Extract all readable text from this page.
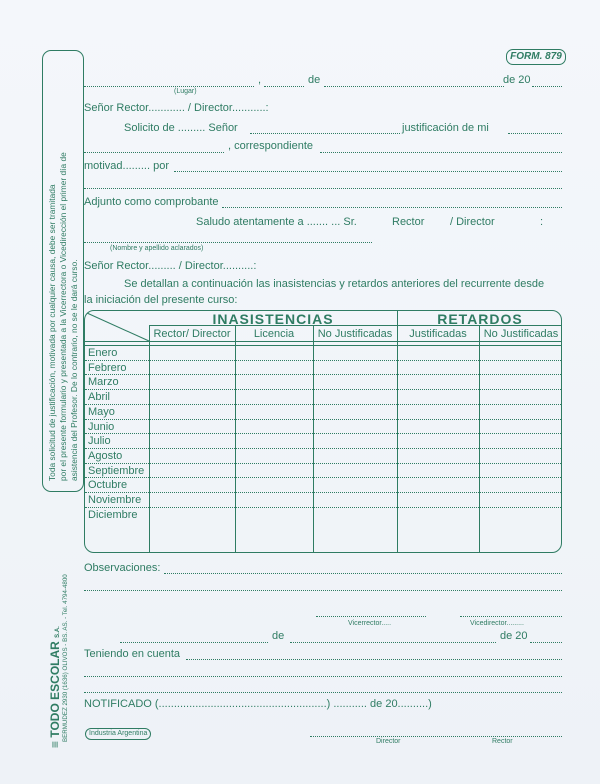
FORM. 879
Toda solicitud de justificación, motivada por cualquier causa, debe ser tramitada por el presente formulario y presentada a la Vicerrectora o Vicedirección el primer día de asistencia del Profesor. De lo contrario, no se le dará curso.
≡ TODO ESCOLAR S.A. BERMUDEZ 2930 (1636) OLIVOS - BS. AS. - Tel. 4794-4800
,	de	de 20
(Lugar)
Señor Rector............ / Director...........:
Solicito de ......... Señor	justificación de mi
, correspondiente
motivad......... por
Adjunto como comprobante
Saludo atentamente a ....... ... Sr.	Rector / Director	:
(Nombre y apellido aclarados)
Señor Rector......... / Director..........:
Se detallan a continuación las inasistencias y retardos anteriores del recurrente desde
la iniciación del presente curso:
INASISTENCIAS	RETARDOS
Rector/ Director	Licencia	No Justificadas	Justificadas	No Justificadas
Enero
Febrero
Marzo
Abril
Mayo
Junio
Julio
Agosto
Septiembre
Octubre
Noviembre
Diciembre
Observaciones:
Vicerrector.....	Vicedirector.........
de	de 20
Teniendo en cuenta
NOTIFICADO (.......................................................) ........... de 20..........)
Industria Argentina
Director	Rector
